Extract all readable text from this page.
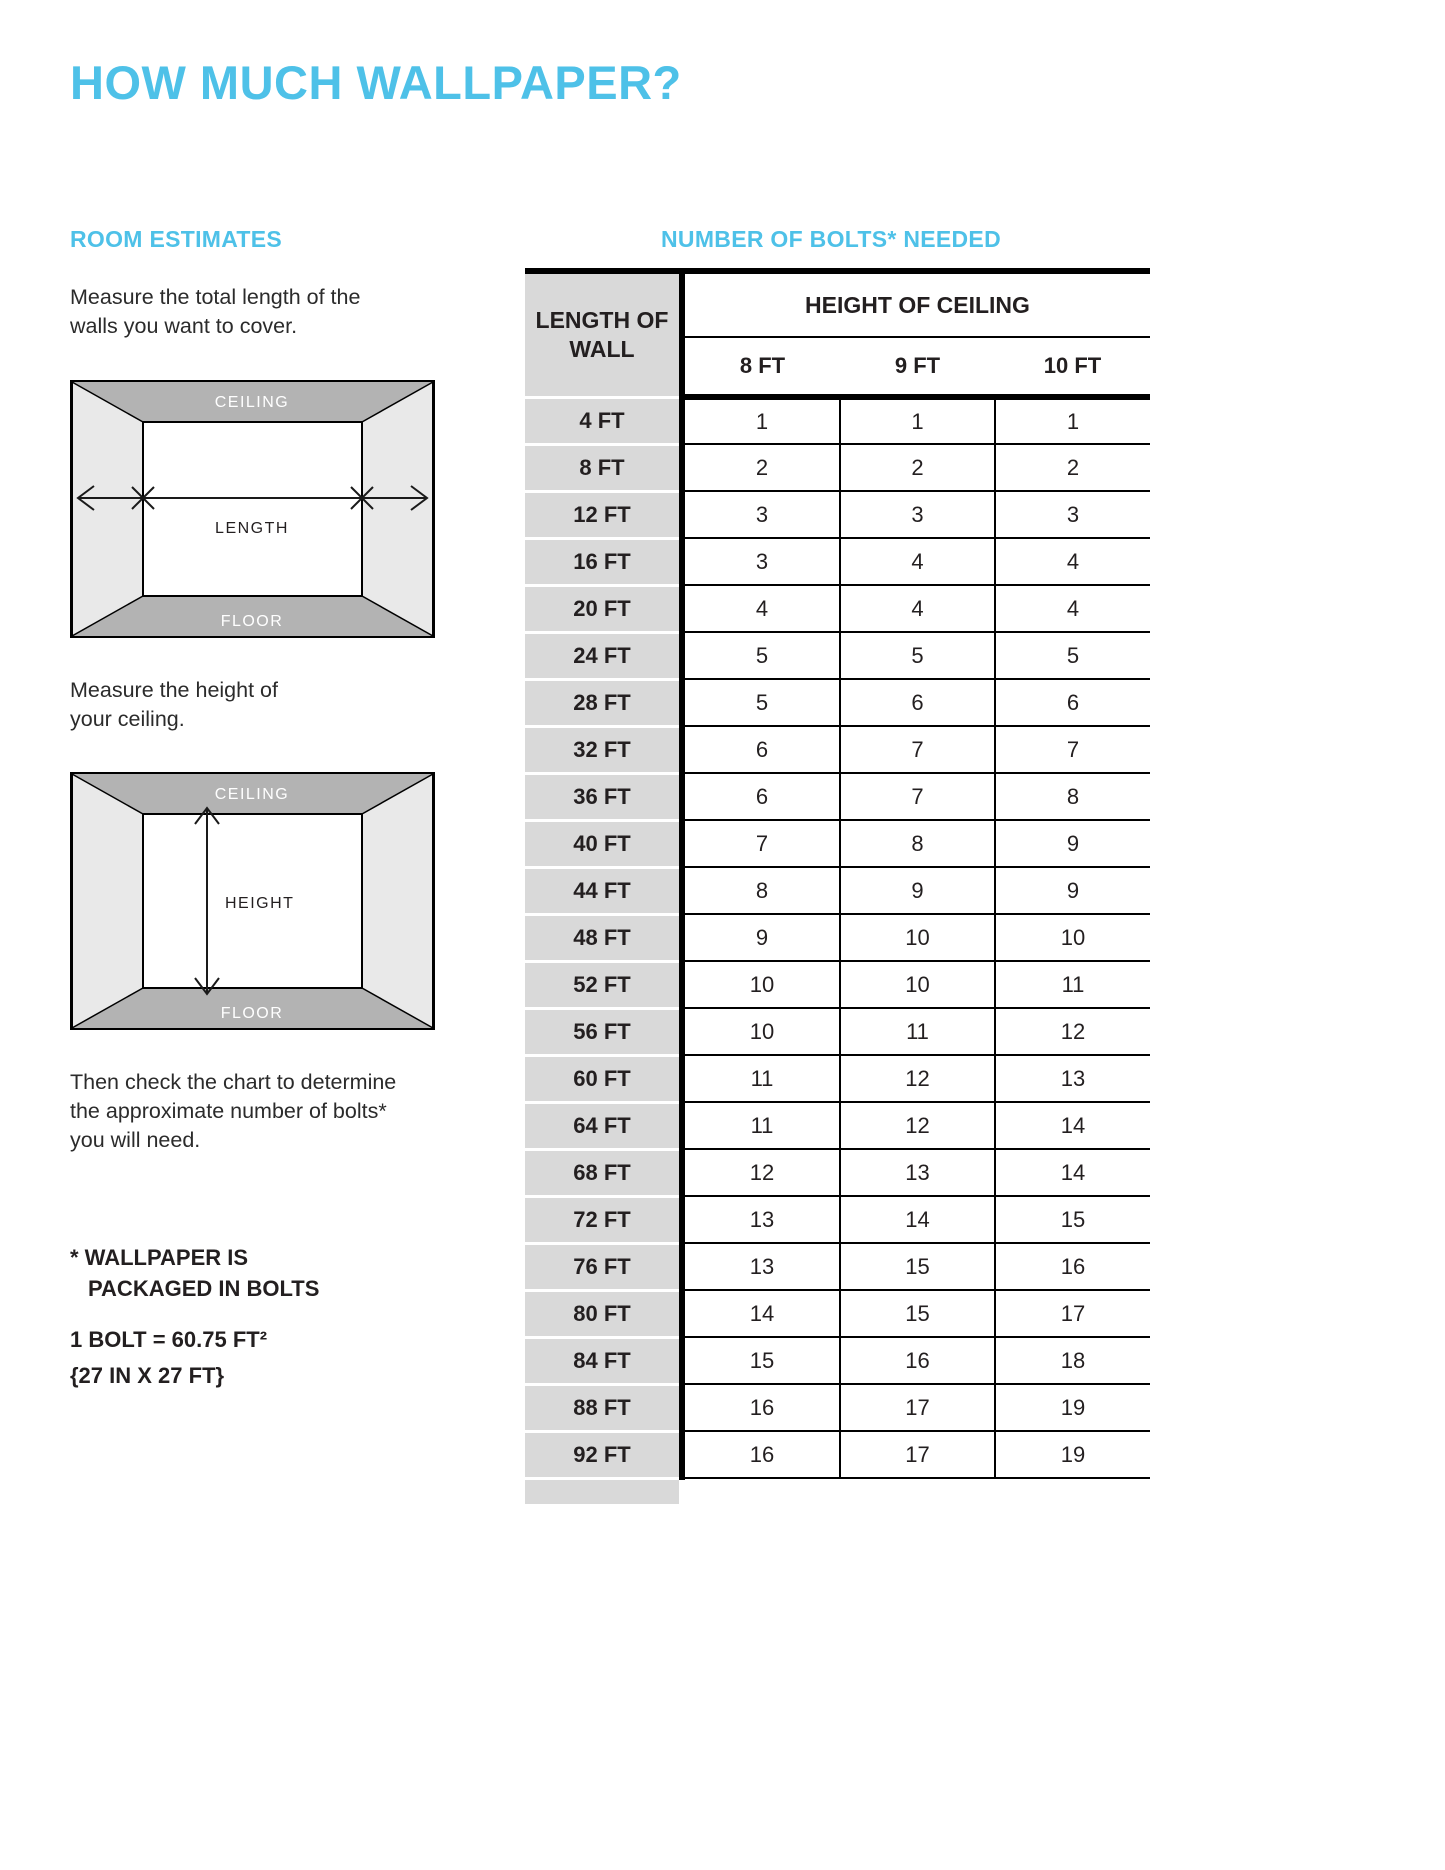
HOW MUCH WALLPAPER?
ROOM ESTIMATES	NUMBER OF BOLTS* NEEDED
Measure the total length of the walls you want to cover.
CEILING
FLOOR
LENGTH
Measure the height of your ceiling.
CEILING
FLOOR
HEIGHT
Then check the chart to determine the approximate number of bolts* you will need.
* WALLPAPER IS
PACKAGED IN BOLTS
1 BOLT = 60.75 FT²
{27 IN X 27 FT}
LENGTH OF WALL	HEIGHT OF CEILING		
	8 FT	9 FT	10 FT
4 FT	1	1	1
8 FT	2	2	2
12 FT	3	3	3
16 FT	3	4	4
20 FT	4	4	4
24 FT	5	5	5
28 FT	5	6	6
32 FT	6	7	7
36 FT	6	7	8
40 FT	7	8	9
44 FT	8	9	9
48 FT	9	10	10
52 FT	10	10	11
56 FT	10	11	12
60 FT	11	12	13
64 FT	11	12	14
68 FT	12	13	14
72 FT	13	14	15
76 FT	13	15	16
80 FT	14	15	17
84 FT	15	16	18
88 FT	16	17	19
92 FT	16	17	19
